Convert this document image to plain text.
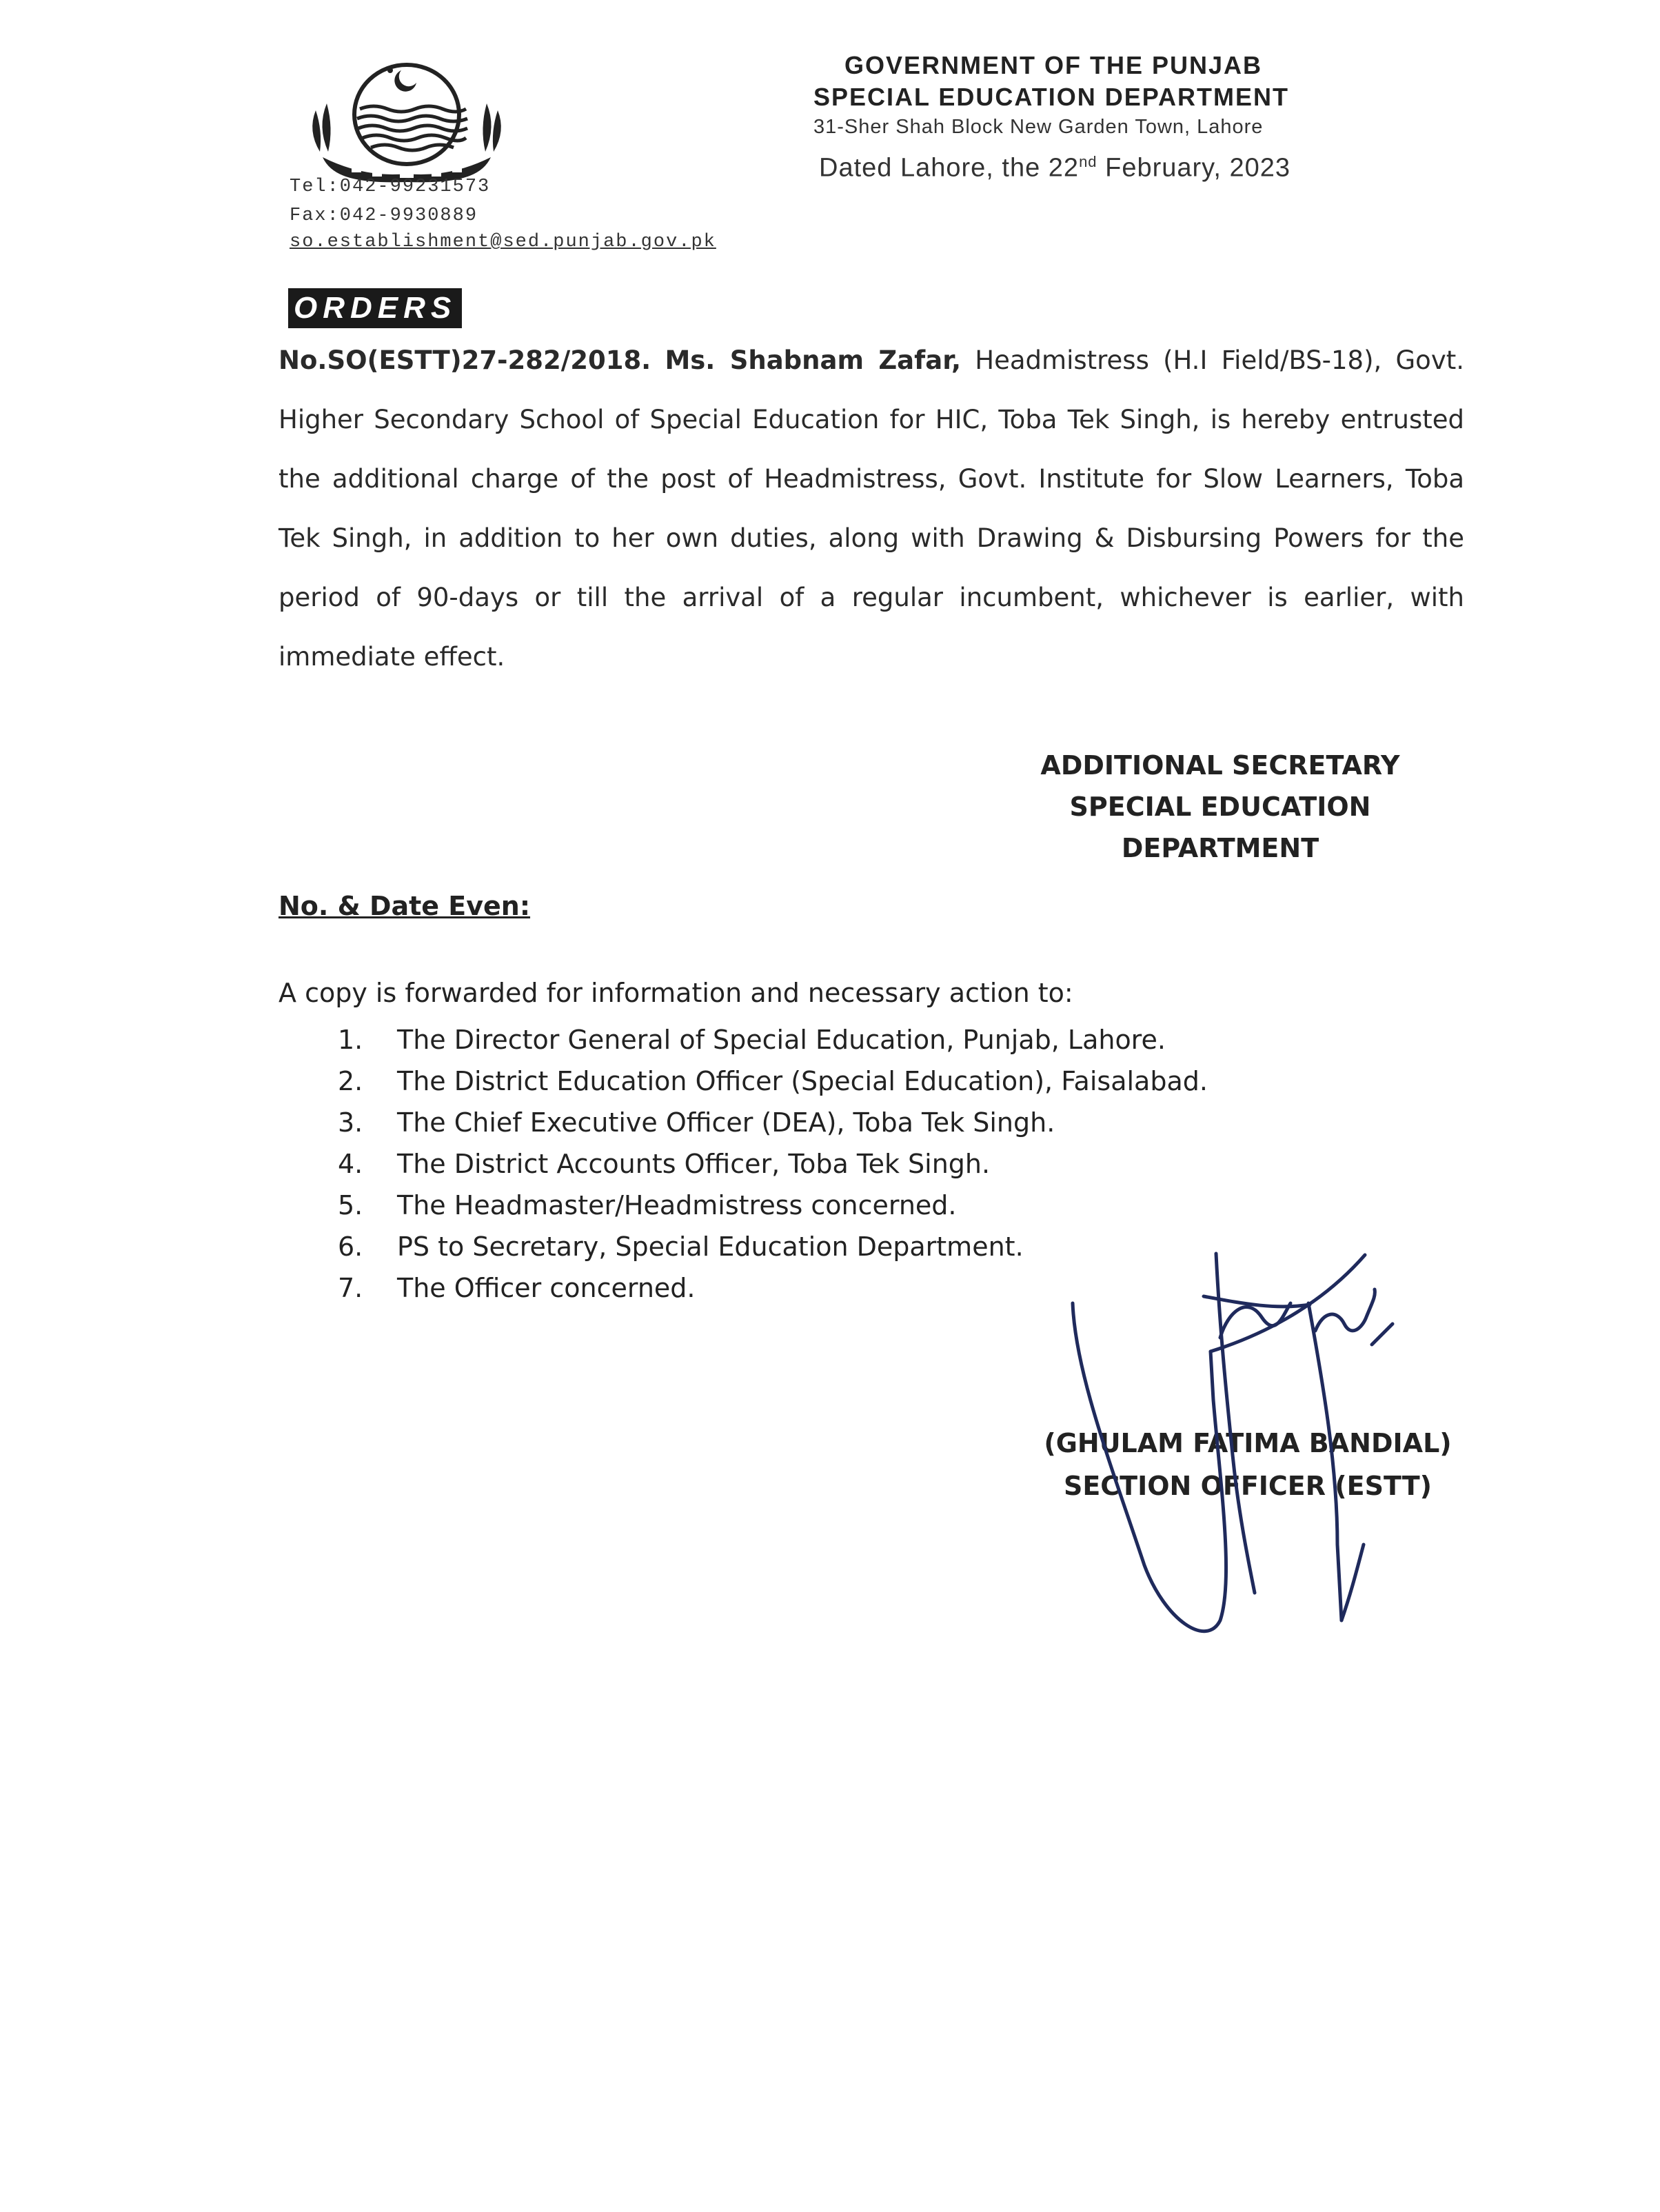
Tel:042-99231573
Fax:042-9930889
so.establishment@sed.punjab.gov.pk
GOVERNMENT OF THE PUNJAB
SPECIAL EDUCATION DEPARTMENT
31-Sher Shah Block New Garden Town, Lahore
Dated Lahore, the 22nd February, 2023
ORDERS
No.SO(ESTT)27-282/2018. Ms. Shabnam Zafar, Headmistress (H.I Field/BS-18), Govt. Higher Secondary School of Special Education for HIC, Toba Tek Singh, is hereby entrusted the additional charge of the post of Headmistress, Govt. Institute for Slow Learners, Toba Tek Singh, in addition to her own duties, along with Drawing & Disbursing Powers for the period of 90-days or till the arrival of a regular incumbent, whichever is earlier, with immediate effect.
ADDITIONAL SECRETARY
SPECIAL EDUCATION
DEPARTMENT
No. & Date Even:
A copy is forwarded for information and necessary action to:
1.	The Director General of Special Education, Punjab, Lahore.
2.	The District Education Officer (Special Education), Faisalabad.
3.	The Chief Executive Officer (DEA), Toba Tek Singh.
4.	The District Accounts Officer, Toba Tek Singh.
5.	The Headmaster/Headmistress concerned.
6.	PS to Secretary, Special Education Department.
7.	The Officer concerned.
(GHULAM FATIMA BANDIAL)
SECTION OFFICER (ESTT)
